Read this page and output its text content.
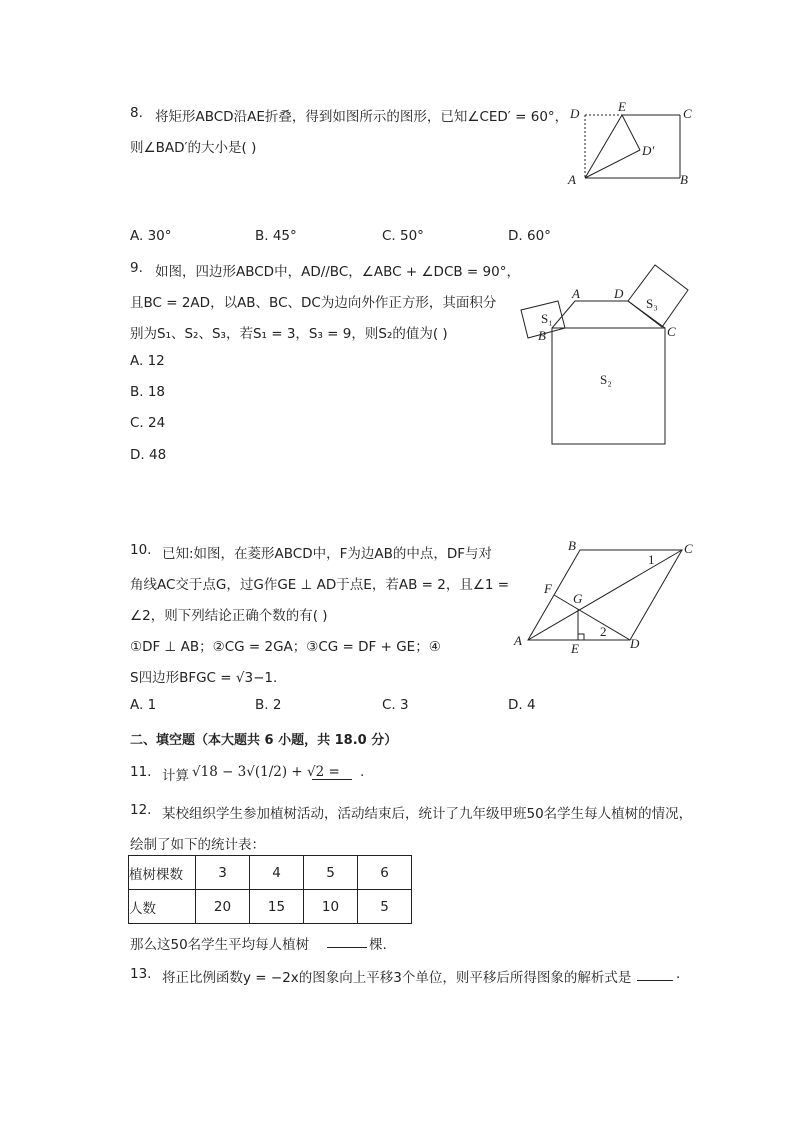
8. 将矩形ABCD沿AE折叠，得到如图所示的图形，已知∠CED′ = 60°，
则∠BAD′的大小是( )
D	E	C
D′
A	B
A. 30°	B. 45°	C. 50°	D. 60°
9. 如图，四边形ABCD中，AD//BC，∠ABC + ∠DCB = 90°，
且BC = 2AD，以AB、BC、DC为边向外作正方形，其面积分
别为S₁、S₂、S₃，若S₁ = 3，S₃ = 9，则S₂的值为( )
A. 12
B. 18
C. 24
D. 48
A	D
B	C
S₁
S₃
S₂
10. 已知:如图，在菱形ABCD中，F为边AB的中点，DF与对
角线AC交于点G，过G作GE ⊥ AD于点E，若AB = 2，且∠1 =
∠2，则下列结论正确个数的有( )
①DF ⊥ AB；②CG = 2GA；③CG = DF + GE；④
S四边形BFGC = √3−1.
B	C
1
F
G
A
E
2
D
A. 1	B. 2	C. 3	D. 4
二、填空题（本大题共 6 小题，共 18.0 分）
11. 计算 √18 − 3√(1/2) + √2 = .
12. 某校组织学生参加植树活动，活动结束后，统计了九年级甲班50名学生每人植树的情况，
绘制了如下的统计表：
植树棵数	3	4	5	6
人数	20	15	10	5
那么这50名学生平均每人植树	棵.
13. 将正比例函数y = −2x的图象向上平移3个单位，则平移后所得图象的解析式是	.
